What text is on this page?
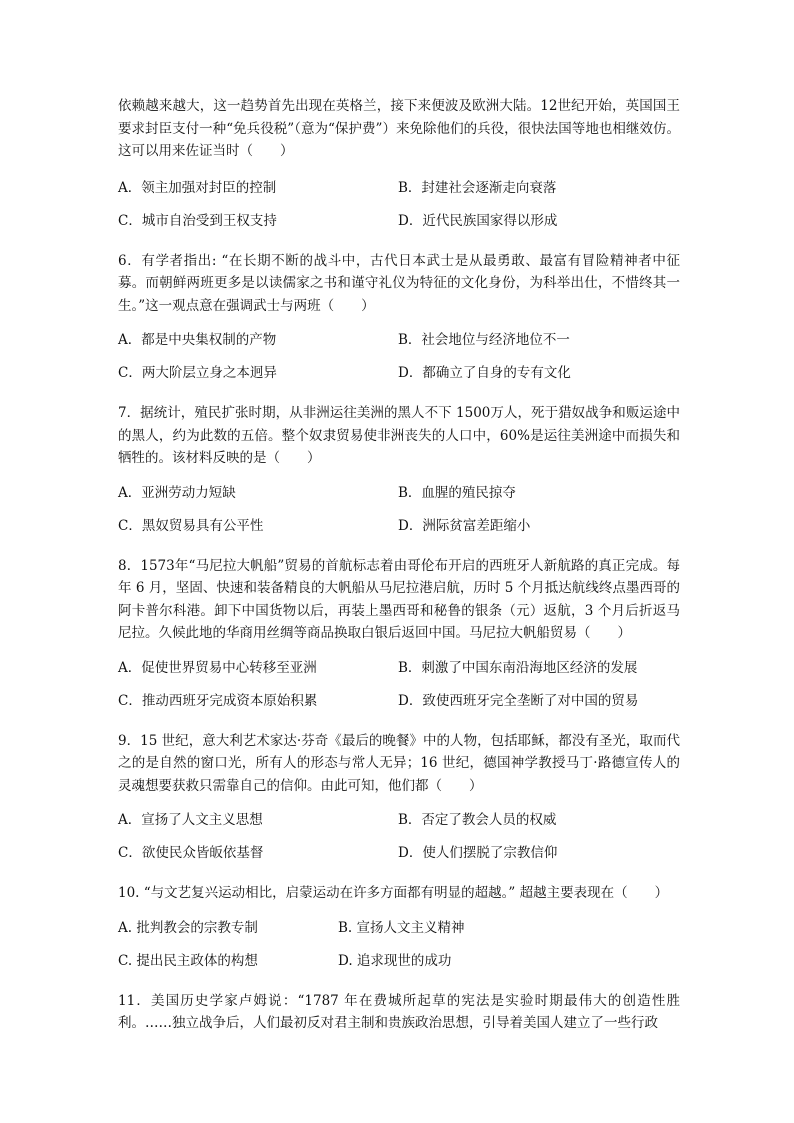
依赖越来越大，这一趋势首先出现在英格兰，接下来便波及欧洲大陆。12世纪开始，英国国王要求封臣支付一种“免兵役税”（意为“保护费”）来免除他们的兵役，很快法国等地也相继效仿。这可以用来佐证当时（　　）

A．领主加强对封臣的控制	B．封建社会逐渐走向衰落
C．城市自治受到王权支持	D．近代民族国家得以形成

6．有学者指出: “在长期不断的战斗中，古代日本武士是从最勇敢、最富有冒险精神者中征募。而朝鲜两班更多是以读儒家之书和谨守礼仪为特征的文化身份，为科举出仕，不惜终其一生。”这一观点意在强调武士与两班（　　）

A．都是中央集权制的产物	B．社会地位与经济地位不一
C．两大阶层立身之本迥异	D．都确立了自身的专有文化

7．据统计，殖民扩张时期，从非洲运往美洲的黑人不下 1500万人，死于猎奴战争和贩运途中的黑人，约为此数的五倍。整个奴隶贸易使非洲丧失的人口中，60%是运往美洲途中而损失和牺牲的。该材料反映的是（　　）

A．亚洲劳动力短缺	B．血腥的殖民掠夺
C．黑奴贸易具有公平性	D．洲际贫富差距缩小

8．1573年“马尼拉大帆船”贸易的首航标志着由哥伦布开启的西班牙人新航路的真正完成。每年 6 月，坚固、快速和装备精良的大帆船从马尼拉港启航，历时 5 个月抵达航线终点墨西哥的阿卡普尔科港。卸下中国货物以后，再装上墨西哥和秘鲁的银条（元）返航，3 个月后折返马尼拉。久候此地的华商用丝绸等商品换取白银后返回中国。马尼拉大帆船贸易（　　）

A．促使世界贸易中心转移至亚洲	B．刺激了中国东南沿海地区经济的发展
C．推动西班牙完成资本原始积累	D．致使西班牙完全垄断了对中国的贸易

9．15 世纪，意大利艺术家达·芬奇《最后的晚餐》中的人物，包括耶稣，都没有圣光，取而代之的是自然的窗口光，所有人的形态与常人无异；16 世纪，德国神学教授马丁·路德宣传人的灵魂想要获救只需靠自己的信仰。由此可知，他们都（　　）

A．宣扬了人文主义思想	B．否定了教会人员的权威
C．欲使民众皆皈依基督	D．使人们摆脱了宗教信仰

10. “与文艺复兴运动相比，启蒙运动在许多方面都有明显的超越。” 超越主要表现在（　　）

A. 批判教会的宗教专制	B. 宣扬人文主义精神
C. 提出民主政体的构想	D. 追求现世的成功

11．美国历史学家卢姆说：“1787 年在费城所起草的宪法是实验时期最伟大的创造性胜利。……独立战争后，人们最初反对君主制和贵族政治思想，引导着美国人建立了一些行政
